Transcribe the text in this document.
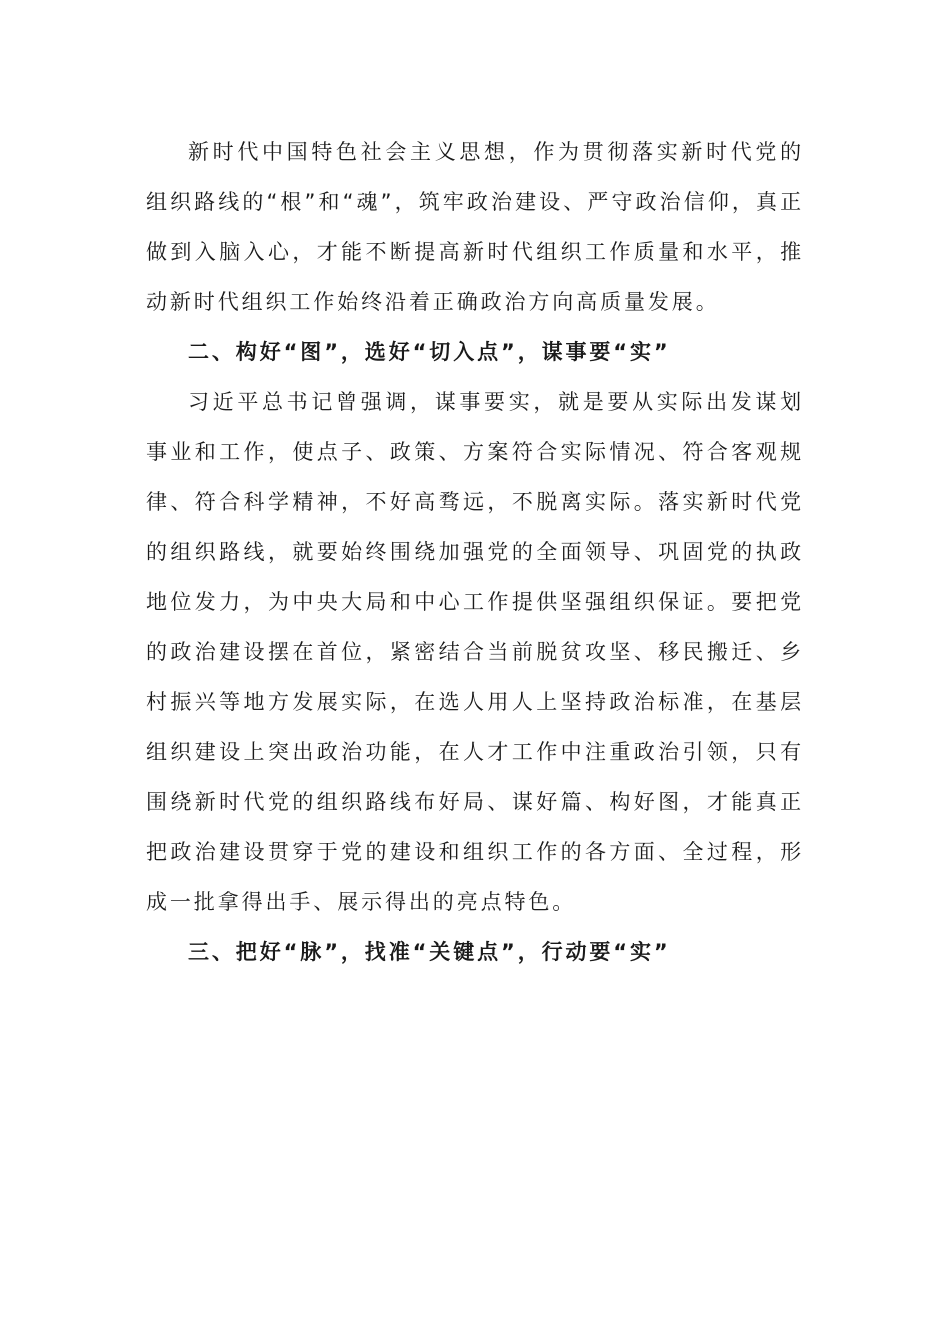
新时代中国特色社会主义思想，作为贯彻落实新时代党的组织路线的“根”和“魂”，筑牢政治建设、严守政治信仰，真正做到入脑入心，才能不断提高新时代组织工作质量和水平，推动新时代组织工作始终沿着正确政治方向高质量发展。

二、构好“图”，选好“切入点”，谋事要“实”

习近平总书记曾强调，谋事要实，就是要从实际出发谋划事业和工作，使点子、政策、方案符合实际情况、符合客观规律、符合科学精神，不好高骛远，不脱离实际。落实新时代党的组织路线，就要始终围绕加强党的全面领导、巩固党的执政地位发力，为中央大局和中心工作提供坚强组织保证。要把党的政治建设摆在首位，紧密结合当前脱贫攻坚、移民搬迁、乡村振兴等地方发展实际，在选人用人上坚持政治标准，在基层组织建设上突出政治功能，在人才工作中注重政治引领，只有围绕新时代党的组织路线布好局、谋好篇、构好图，才能真正把政治建设贯穿于党的建设和组织工作的各方面、全过程，形成一批拿得出手、展示得出的亮点特色。

三、把好“脉”，找准“关键点”，行动要“实”
